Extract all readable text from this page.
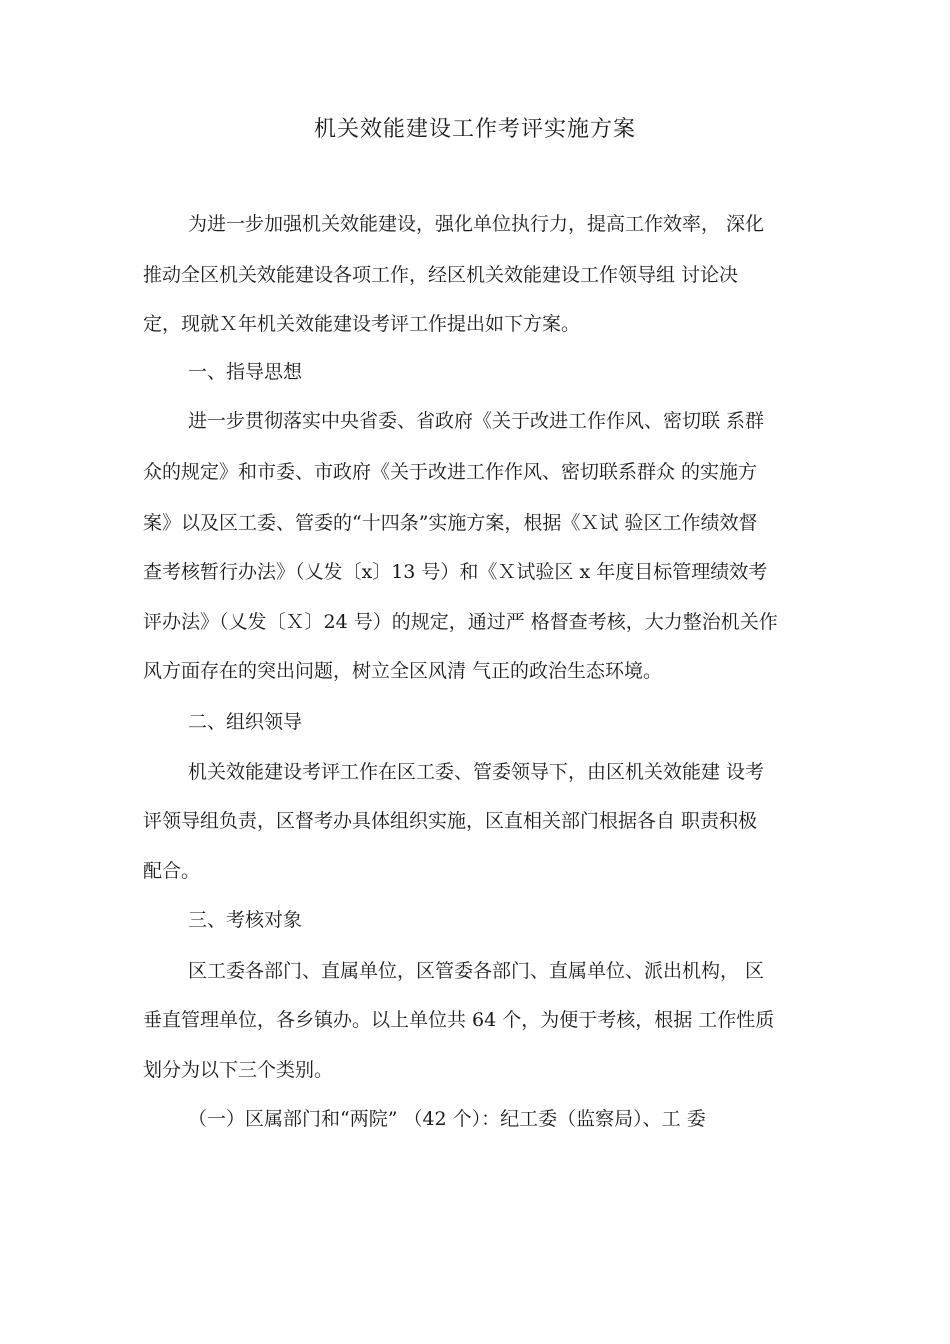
机关效能建设工作考评实施方案
为进一步加强机关效能建设，强化单位执行力，提高工作效率， 深化
推动全区机关效能建设各项工作，经区机关效能建设工作领导组 讨论决
定，现就Ｘ年机关效能建设考评工作提出如下方案。
一、指导思想
进一步贯彻落实中央省委、省政府《关于改进工作作风、密切联 系群
众的规定》和市委、市政府《关于改进工作作风、密切联系群众 的实施方
案》以及区工委、管委的“十四条”实施方案，根据《Ｘ试 验区工作绩效督
查考核暂行办法》（乂发〔x〕13 号）和《Ｘ试验区 x 年度目标管理绩效考
评办法》（乂发〔Ｘ〕24 号）的规定，通过严 格督查考核，大力整治机关作
风方面存在的突出问题，树立全区风清 气正的政治生态环境。
二、组织领导
机关效能建设考评工作在区工委、管委领导下，由区机关效能建 设考
评领导组负责，区督考办具体组织实施，区直相关部门根据各自 职责积极
配合。
三、考核对象
区工委各部门、直属单位，区管委各部门、直属单位、派出机构， 区
垂直管理单位，各乡镇办。以上单位共 64 个，为便于考核，根据 工作性质
划分为以下三个类别。
（一）区属部门和“两院” （42 个）：纪工委（监察局）、工 委
